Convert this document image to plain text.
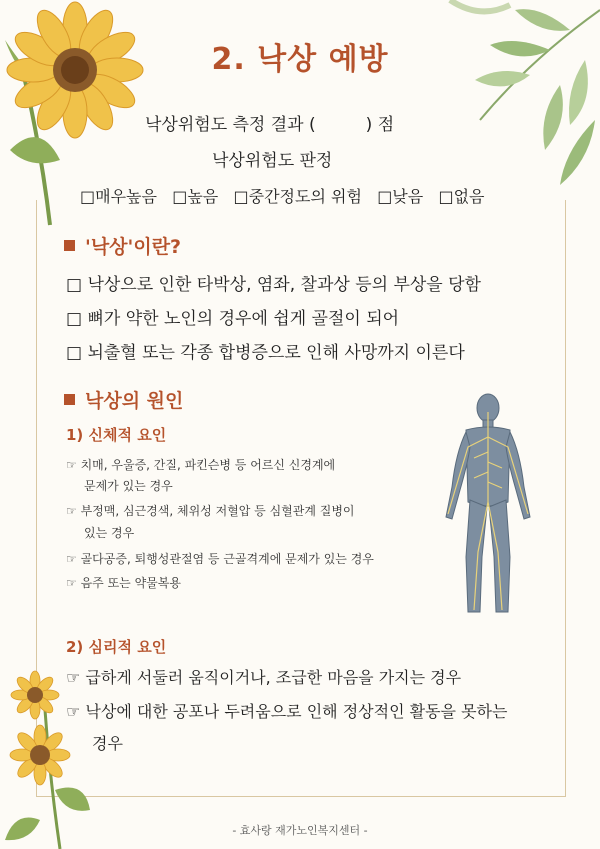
2. 낙상 예방
낙상위험도 측정 결과 (	) 점
낙상위험도 판정
□매우높음 □높음 □중간정도의 위험 □낮음 □없음
'낙상'이란?
□ 낙상으로 인한 타박상, 염좌, 찰과상 등의 부상을 당함
□ 뼈가 약한 노인의 경우에 쉽게 골절이 되어
□ 뇌출혈 또는 각종 합병증으로 인해 사망까지 이른다
낙상의 원인
1) 신체적 요인
☞ 치매, 우울증, 간질, 파킨슨병 등 어르신 신경계에
문제가 있는 경우
☞ 부정맥, 심근경색, 체위성 저혈압 등 심혈관계 질병이
있는 경우
☞ 골다공증, 퇴행성관절염 등 근골격계에 문제가 있는 경우
☞ 음주 또는 약물복용
2) 심리적 요인
☞ 급하게 서둘러 움직이거나, 조급한 마음을 가지는 경우
☞ 낙상에 대한 공포나 두려움으로 인해 정상적인 활동을 못하는
경우
- 효사랑 재가노인복지센터 -
